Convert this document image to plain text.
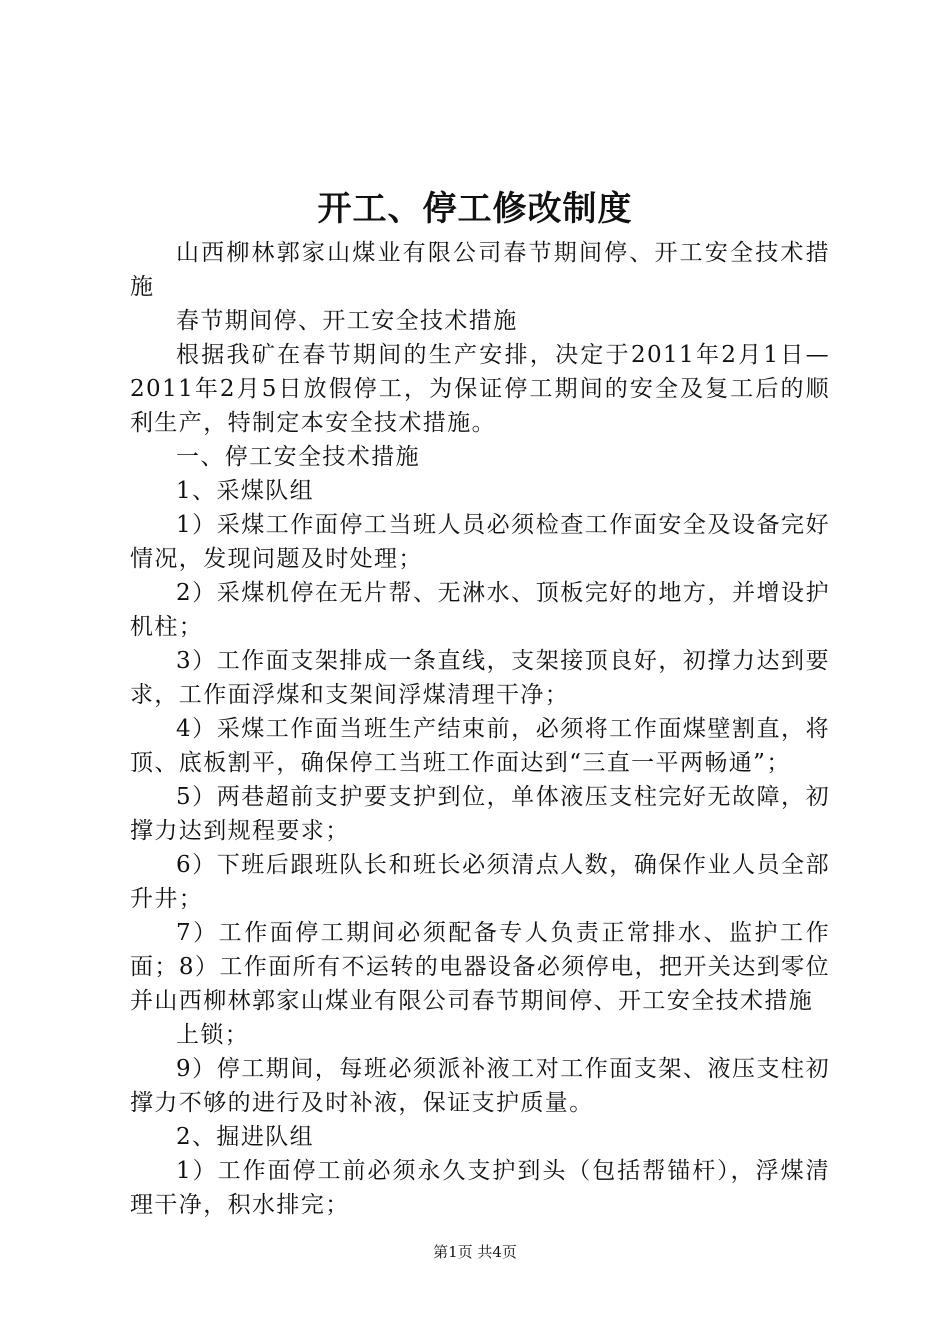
开工、停工修改制度

山西柳林郭家山煤业有限公司春节期间停、开工安全技术措施

春节期间停、开工安全技术措施

根据我矿在春节期间的生产安排，决定于2011年2月1日—2011年2月5日放假停工，为保证停工期间的安全及复工后的顺利生产，特制定本安全技术措施。

一、停工安全技术措施

1、采煤队组

1）采煤工作面停工当班人员必须检查工作面安全及设备完好情况，发现问题及时处理；

2）采煤机停在无片帮、无淋水、顶板完好的地方，并增设护机柱；

3）工作面支架排成一条直线，支架接顶良好，初撑力达到要求，工作面浮煤和支架间浮煤清理干净；

4）采煤工作面当班生产结束前，必须将工作面煤壁割直，将顶、底板割平，确保停工当班工作面达到“三直一平两畅通”；

5）两巷超前支护要支护到位，单体液压支柱完好无故障，初撑力达到规程要求；

6）下班后跟班队长和班长必须清点人数，确保作业人员全部升井；

7）工作面停工期间必须配备专人负责正常排水、监护工作面；8）工作面所有不运转的电器设备必须停电，把开关达到零位并山西柳林郭家山煤业有限公司春节期间停、开工安全技术措施

上锁；

9）停工期间，每班必须派补液工对工作面支架、液压支柱初撑力不够的进行及时补液，保证支护质量。

2、掘进队组

1）工作面停工前必须永久支护到头（包括帮锚杆），浮煤清理干净，积水排完；

第1页 共4页
